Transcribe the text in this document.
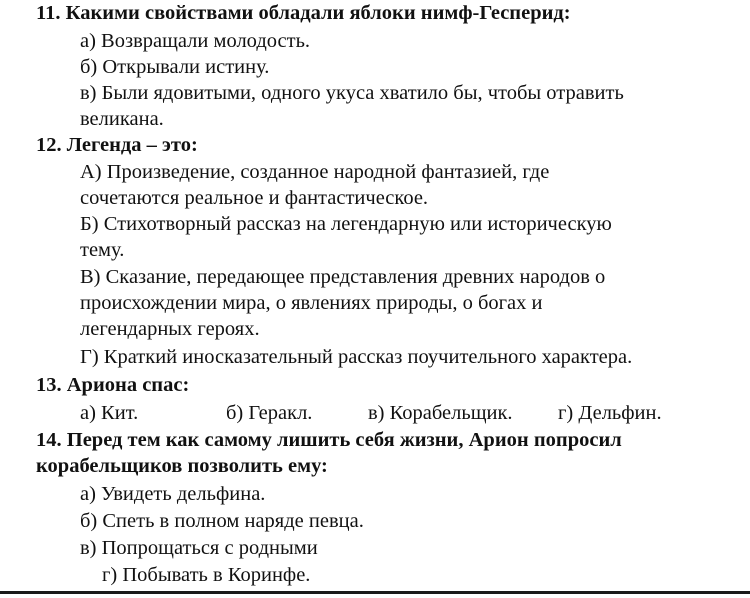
11. Какими свойствами обладали яблоки нимф-Гесперид:
а) Возвращали молодость.
б) Открывали истину.
в) Были ядовитыми, одного укуса хватило бы, чтобы отравить
великана.
12. Легенда – это:
А) Произведение, созданное народной фантазией, где
сочетаются реальное и фантастическое.
Б) Стихотворный рассказ на легендарную или историческую
тему.
В) Сказание, передающее представления древних народов о
происхождении мира, о явлениях природы, о богах и
легендарных героях.
Г) Краткий иносказательный рассказ поучительного характера.
13. Ариона спас:
а) Кит.	б) Геракл.	в) Корабельщик. г) Дельфин.
14. Перед тем как самому лишить себя жизни, Арион попросил
корабельщиков позволить ему:
а) Увидеть дельфина.
б) Спеть в полном наряде певца.
в) Попрощаться с родными
г) Побывать в Коринфе.
